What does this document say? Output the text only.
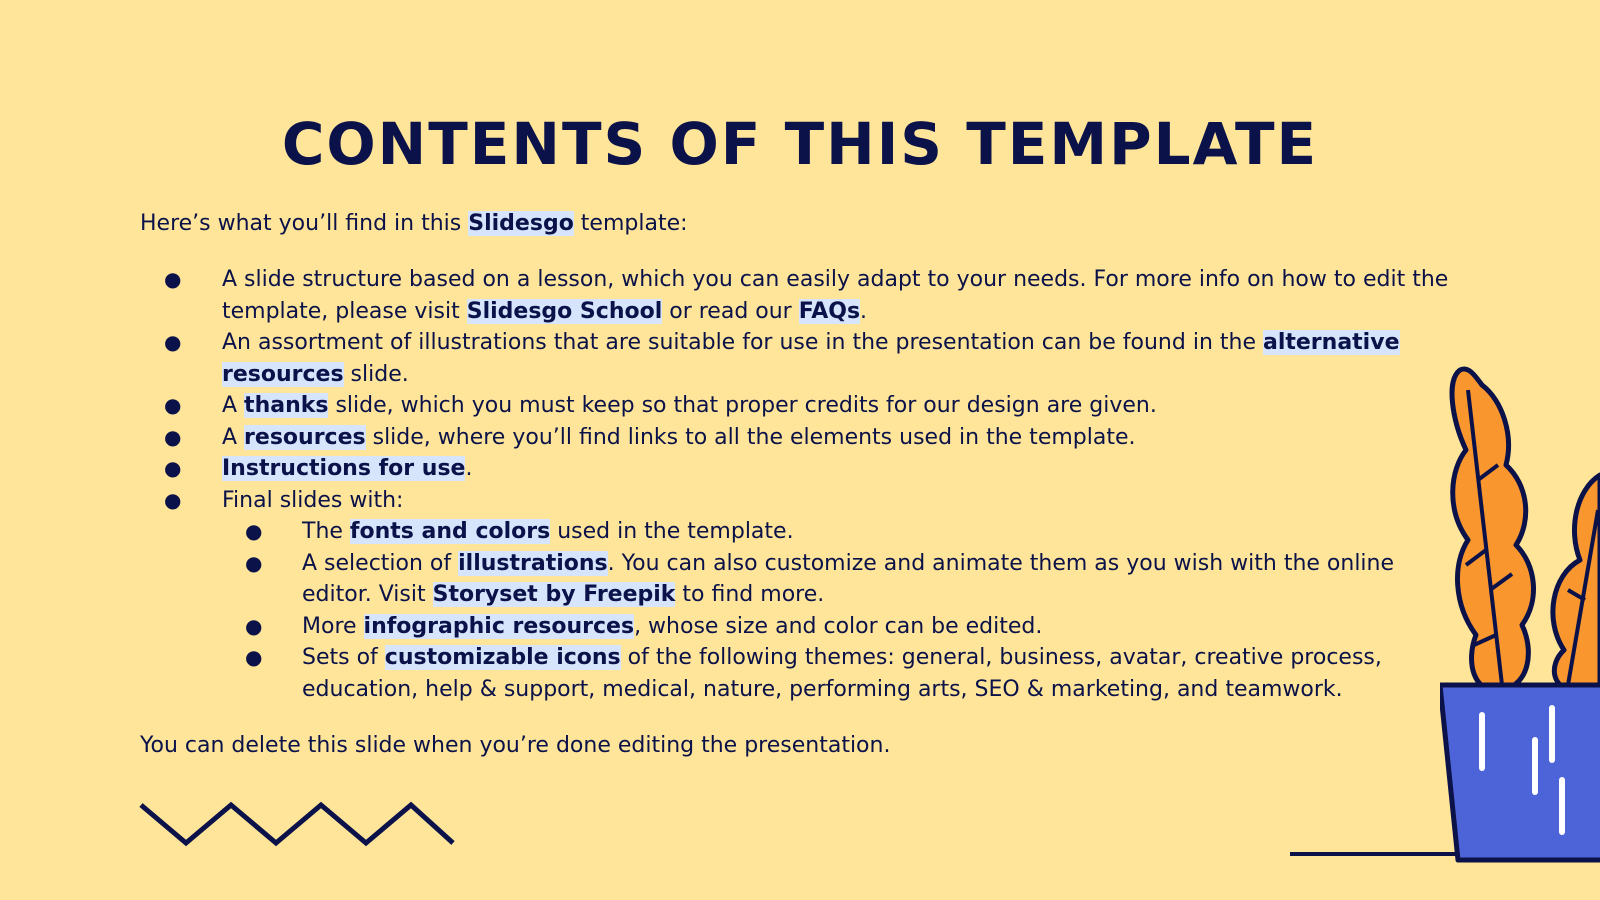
CONTENTS OF THIS TEMPLATE

Here’s what you’ll find in this Slidesgo template:

● A slide structure based on a lesson, which you can easily adapt to your needs. For more info on how to edit the template, please visit Slidesgo School or read our FAQs.
● An assortment of illustrations that are suitable for use in the presentation can be found in the alternative resources slide.
● A thanks slide, which you must keep so that proper credits for our design are given.
● A resources slide, where you’ll find links to all the elements used in the template.
● Instructions for use.
● Final slides with:
● The fonts and colors used in the template.
● A selection of illustrations. You can also customize and animate them as you wish with the online editor. Visit Storyset by Freepik to find more.
● More infographic resources, whose size and color can be edited.
● Sets of customizable icons of the following themes: general, business, avatar, creative process, education, help & support, medical, nature, performing arts, SEO & marketing, and teamwork.

You can delete this slide when you’re done editing the presentation.
